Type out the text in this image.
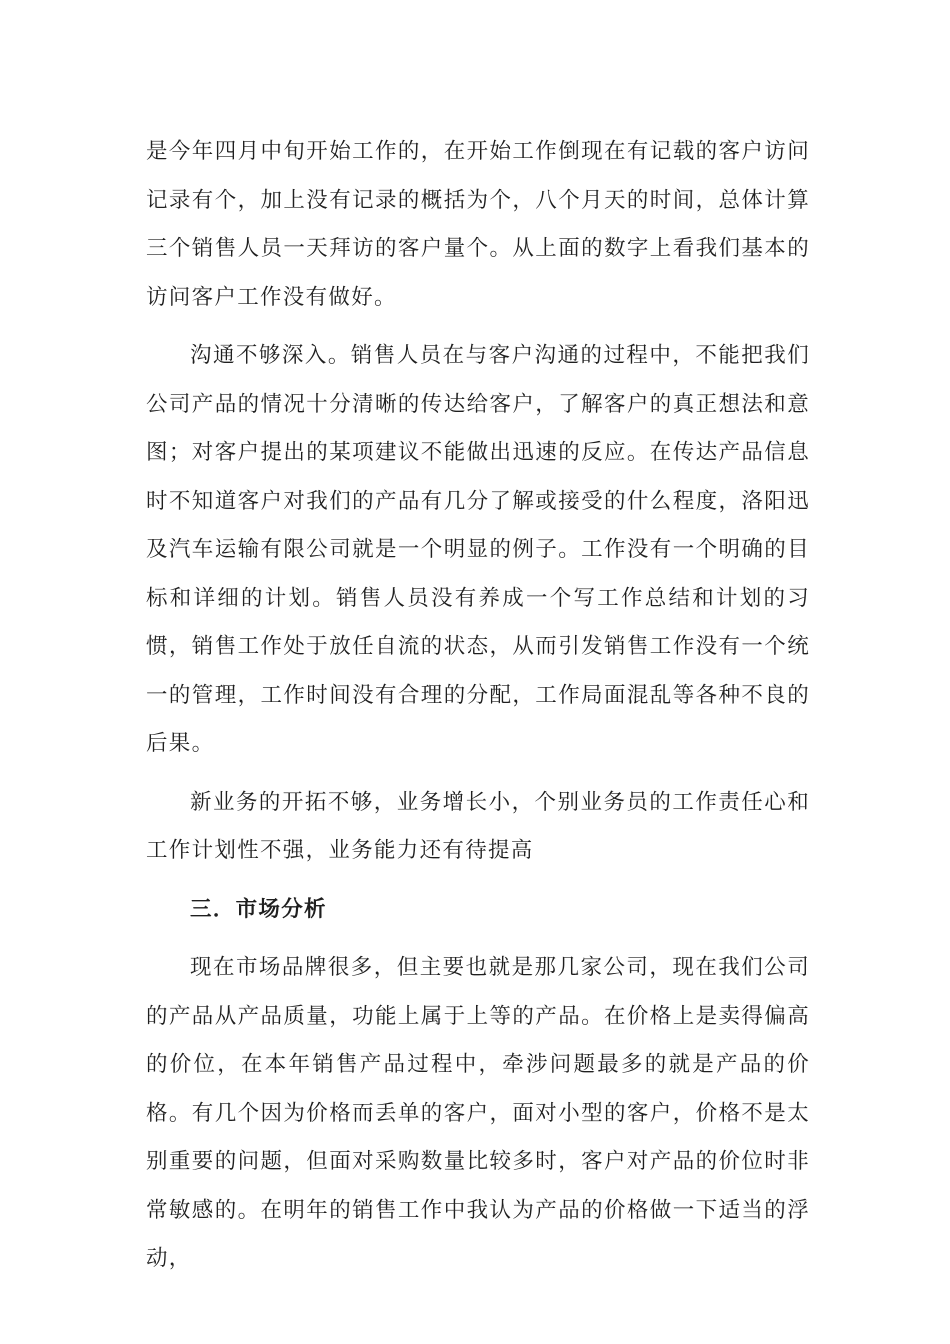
是今年四月中旬开始工作的，在开始工作倒现在有记载的客户访问记录有个，加上没有记录的概括为个，八个月天的时间，总体计算三个销售人员一天拜访的客户量个。从上面的数字上看我们基本的访问客户工作没有做好。

沟通不够深入。销售人员在与客户沟通的过程中，不能把我们公司产品的情况十分清晰的传达给客户，了解客户的真正想法和意图；对客户提出的某项建议不能做出迅速的反应。在传达产品信息时不知道客户对我们的产品有几分了解或接受的什么程度，洛阳迅及汽车运输有限公司就是一个明显的例子。工作没有一个明确的目标和详细的计划。销售人员没有养成一个写工作总结和计划的习惯，销售工作处于放任自流的状态，从而引发销售工作没有一个统一的管理，工作时间没有合理的分配，工作局面混乱等各种不良的后果。

新业务的开拓不够，业务增长小，个别业务员的工作责任心和工作计划性不强，业务能力还有待提高

三．市场分析

现在市场品牌很多，但主要也就是那几家公司，现在我们公司的产品从产品质量，功能上属于上等的产品。在价格上是卖得偏高的价位，在本年销售产品过程中，牵涉问题最多的就是产品的价格。有几个因为价格而丢单的客户，面对小型的客户，价格不是太别重要的问题，但面对采购数量比较多时，客户对产品的价位时非常敏感的。在明年的销售工作中我认为产品的价格做一下适当的浮动，
